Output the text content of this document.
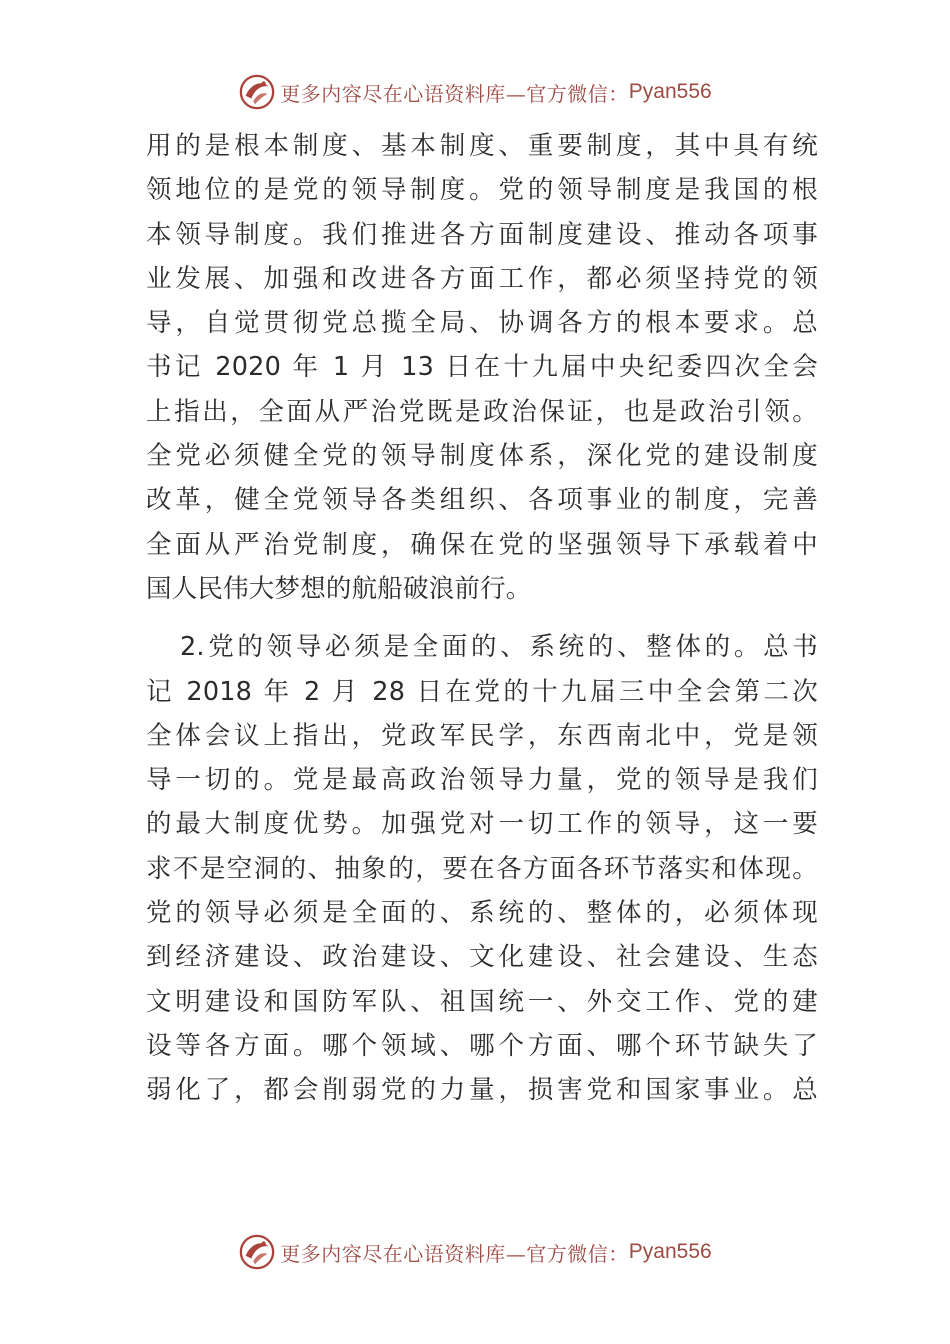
更多内容尽在心语资料库—官方微信： Pyan556
用的是根本制度、基本制度、重要制度，其中具有统
领地位的是党的领导制度。党的领导制度是我国的根
本领导制度。我们推进各方面制度建设、推动各项事
业发展、加强和改进各方面工作，都必须坚持党的领
导，自觉贯彻党总揽全局、协调各方的根本要求。总
书记 2020 年 1 月 13 日在十九届中央纪委四次全会
上指出，全面从严治党既是政治保证，也是政治引领。
全党必须健全党的领导制度体系，深化党的建设制度
改革，健全党领导各类组织、各项事业的制度，完善
全面从严治党制度，确保在党的坚强领导下承载着中
国人民伟大梦想的航船破浪前行。
2.党的领导必须是全面的、系统的、整体的。总书
记 2018 年 2 月 28 日在党的十九届三中全会第二次
全体会议上指出，党政军民学，东西南北中，党是领
导一切的。党是最高政治领导力量，党的领导是我们
的最大制度优势。加强党对一切工作的领导，这一要
求不是空洞的、抽象的，要在各方面各环节落实和体现。
党的领导必须是全面的、系统的、整体的，必须体现
到经济建设、政治建设、文化建设、社会建设、生态
文明建设和国防军队、祖国统一、外交工作、党的建
设等各方面。哪个领域、哪个方面、哪个环节缺失了
弱化了，都会削弱党的力量，损害党和国家事业。总
更多内容尽在心语资料库—官方微信： Pyan556
